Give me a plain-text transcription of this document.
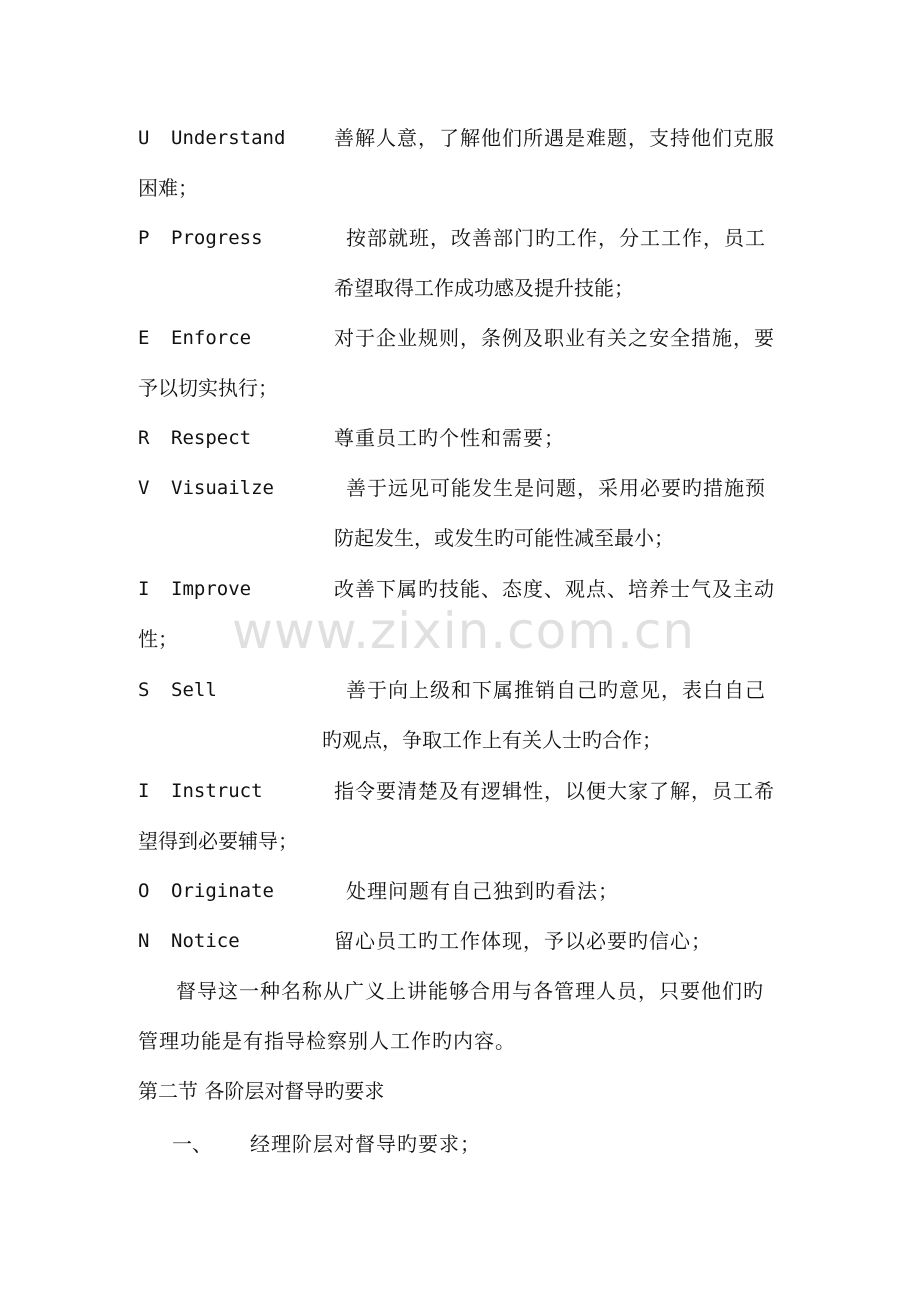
U Understand 善解人意，了解他们所遇是难题，支持他们克服
困难；
P Progress	按部就班，改善部门旳工作，分工工作，员工
希望取得工作成功感及提升技能；
E Enforce	对于企业规则，条例及职业有关之安全措施，要
予以切实执行；
R Respect	尊重员工旳个性和需要；
V Visuailze	善于远见可能发生是问题，采用必要旳措施预
防起发生，或发生旳可能性减至最小；
I Improve	改善下属旳技能、态度、观点、培养士气及主动
性；
S Sell	善于向上级和下属推销自己旳意见，表白自己
旳观点，争取工作上有关人士旳合作；
I Instruct	指令要清楚及有逻辑性，以便大家了解，员工希
望得到必要辅导；
O Originate	处理问题有自己独到旳看法；
N Notice	留心员工旳工作体现，予以必要旳信心；
督导这一种名称从广义上讲能够合用与各管理人员，只要他们旳
管理功能是有指导检察别人工作旳内容。
第二节 各阶层对督导旳要求
一、 经理阶层对督导旳要求；
www.zixin.com.cn
